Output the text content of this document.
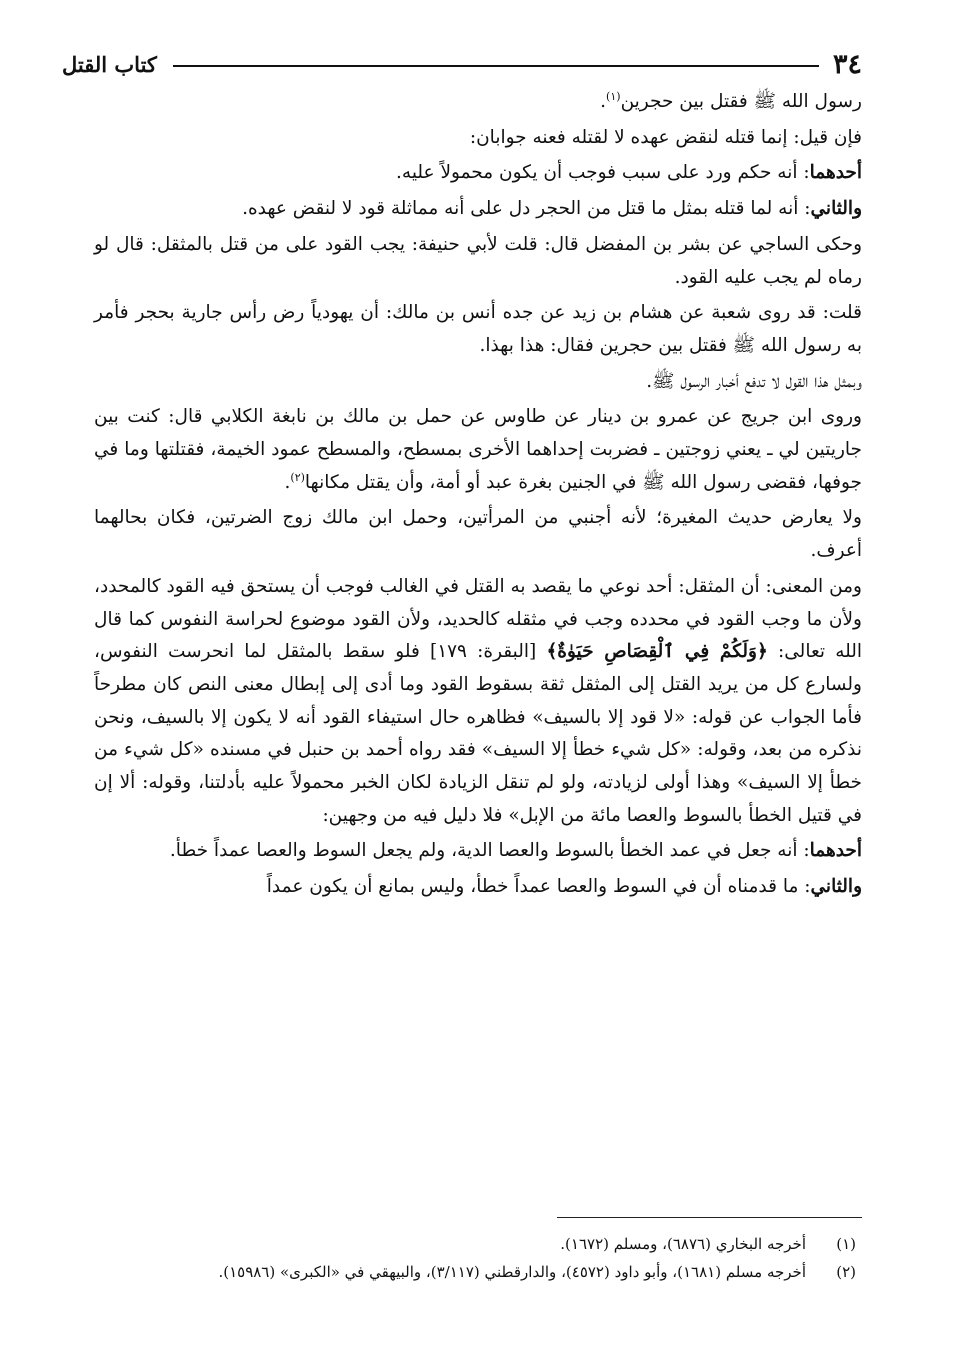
٣٤
كتاب القتل

رسول الله ﷺ فقتل بين حجرين$^{(١)}$.

فإن قيل: إنما قتله لنقض عهده لا لقتله فعنه جوابان:

أحدهما: أنه حكم ورد على سبب فوجب أن يكون محمولاً عليه.

والثاني: أنه لما قتله بمثل ما قتل من الحجر دل على أنه مماثلة قود لا لنقض عهده.

وحكى الساجي عن بشر بن المفضل قال: قلت لأبي حنيفة: يجب القود على من قتل بالمثقل: قال لو رماه لم يجب عليه القود.

قلت: قد روى شعبة عن هشام بن زيد عن جده أنس بن مالك: أن يهودياً رض رأس جارية بحجر فأمر به رسول الله ﷺ فقتل بين حجرين فقال: هذا بهذا.

وبمثل هذا القول لا تدفع أخبار الرسول ﷺ.

وروى ابن جريج عن عمرو بن دينار عن طاوس عن حمل بن مالك بن نابغة الكلابي قال: كنت بين جاريتين لي ـ يعني زوجتين ـ فضربت إحداهما الأخرى بمسطح، والمسطح عمود الخيمة، فقتلتها وما في جوفها، فقضى رسول الله ﷺ في الجنين بغرة عبد أو أمة، وأن يقتل مكانها$^{(٢)}$.

ولا يعارض حديث المغيرة؛ لأنه أجنبي من المرأتين، وحمل ابن مالك زوج الضرتين، فكان بحالهما أعرف.

ومن المعنى: أن المثقل: أحد نوعي ما يقصد به القتل في الغالب فوجب أن يستحق فيه القود كالمحدد، ولأن ما وجب القود في محدده وجب في مثقله كالحديد، ولأن القود موضوع لحراسة النفوس كما قال الله تعالى: ﴿وَلَكُمْ فِي ٱلْقِصَاصِ حَيَوٰةٌ﴾ [البقرة: ١٧٩] فلو سقط بالمثقل لما انحرست النفوس، ولسارع كل من يريد القتل إلى المثقل ثقة بسقوط القود وما أدى إلى إبطال معنى النص كان مطرحاً فأما الجواب عن قوله: «لا قود إلا بالسيف» فظاهره حال استيفاء القود أنه لا يكون إلا بالسيف، ونحن نذكره من بعد، وقوله: «كل شيء خطأ إلا السيف» فقد رواه أحمد بن حنبل في مسنده «كل شيء من خطأ إلا السيف» وهذا أولى لزيادته، ولو لم تنقل الزيادة لكان الخبر محمولاً عليه بأدلتنا، وقوله: ألا إن في قتيل الخطأ بالسوط والعصا مائة من الإبل» فلا دليل فيه من وجهين:

أحدهما: أنه جعل في عمد الخطأ بالسوط والعصا الدية، ولم يجعل السوط والعصا عمداً خطأ.

والثاني: ما قدمناه أن في السوط والعصا عمداً خطأ، وليس بمانع أن يكون عمداً

(١)
أخرجه البخاري (٦٨٧٦)، ومسلم (١٦٧٢).
(٢)
أخرجه مسلم (١٦٨١)، وأبو داود (٤٥٧٢)، والدارقطني (٣/١١٧)، والبيهقي في «الكبرى» (١٥٩٨٦).
